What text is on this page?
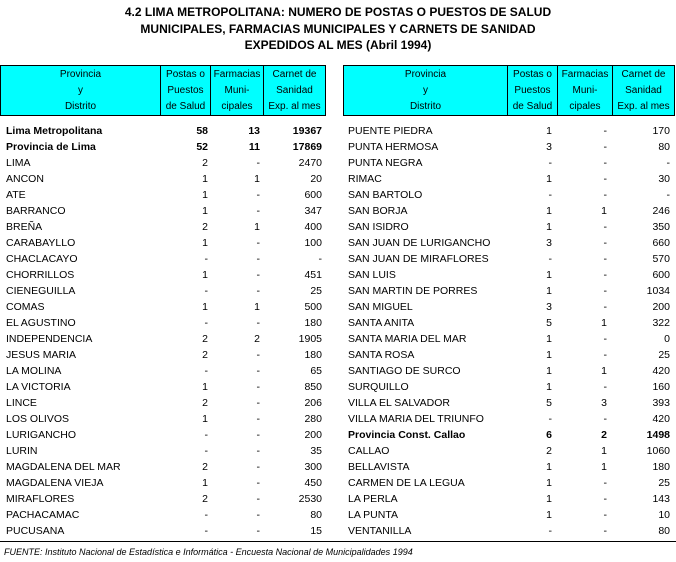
4.2 LIMA METROPOLITANA: NUMERO DE POSTAS O PUESTOS DE SALUD
MUNICIPALES, FARMACIAS MUNICIPALES Y CARNETS DE SANIDAD
EXPEDIDOS AL MES (Abril 1994)
Provincia
y
Distrito

Postas o
Puestos
de Salud

Farmacias
Muni-
cipales

Carnet de
Sanidad
Exp. al mes
Provincia
y
Distrito

Postas o
Puestos
de Salud

Farmacias
Muni-
cipales

Carnet de
Sanidad
Exp. al mes
Lima Metropolitana	58	13	19367
Provincia de Lima	52	11	17869
LIMA	2	-	2470
ANCON	1	1	20
ATE	1	-	600
BARRANCO	1	-	347
BREÑA	2	1	400
CARABAYLLO	1	-	100
CHACLACAYO	-	-	-
CHORRILLOS	1	-	451
CIENEGUILLA	-	-	25
COMAS	1	1	500
EL AGUSTINO	-	-	180
INDEPENDENCIA	2	2	1905
JESUS MARIA	2	-	180
LA MOLINA	-	-	65
LA VICTORIA	1	-	850
LINCE	2	-	206
LOS OLIVOS	1	-	280
LURIGANCHO	-	-	200
LURIN	-	-	35
MAGDALENA DEL MAR	2	-	300
MAGDALENA VIEJA	1	-	450
MIRAFLORES	2	-	2530
PACHACAMAC	-	-	80
PUCUSANA	-	-	15
PUENTE PIEDRA	1	-	170
PUNTA HERMOSA	3	-	80
PUNTA NEGRA	-	-	-
RIMAC	1	-	30
SAN BARTOLO	-	-	-
SAN BORJA	1	1	246
SAN ISIDRO	1	-	350
SAN JUAN DE LURIGANCHO	3	-	660
SAN JUAN DE MIRAFLORES	-	-	570
SAN LUIS	1	-	600
SAN MARTIN DE PORRES	1	-	1034
SAN MIGUEL	3	-	200
SANTA ANITA	5	1	322
SANTA MARIA DEL MAR	1	-	0
SANTA ROSA	1	-	25
SANTIAGO DE SURCO	1	1	420
SURQUILLO	1	-	160
VILLA EL SALVADOR	5	3	393
VILLA MARIA DEL TRIUNFO	-	-	420
Provincia Const. Callao	6	2	1498
CALLAO	2	1	1060
BELLAVISTA	1	1	180
CARMEN DE LA LEGUA	1	-	25
LA PERLA	1	-	143
LA PUNTA	1	-	10
VENTANILLA	-	-	80
FUENTE: Instituto Nacional de Estadística e Informática - Encuesta Nacional de Municipalidades 1994
